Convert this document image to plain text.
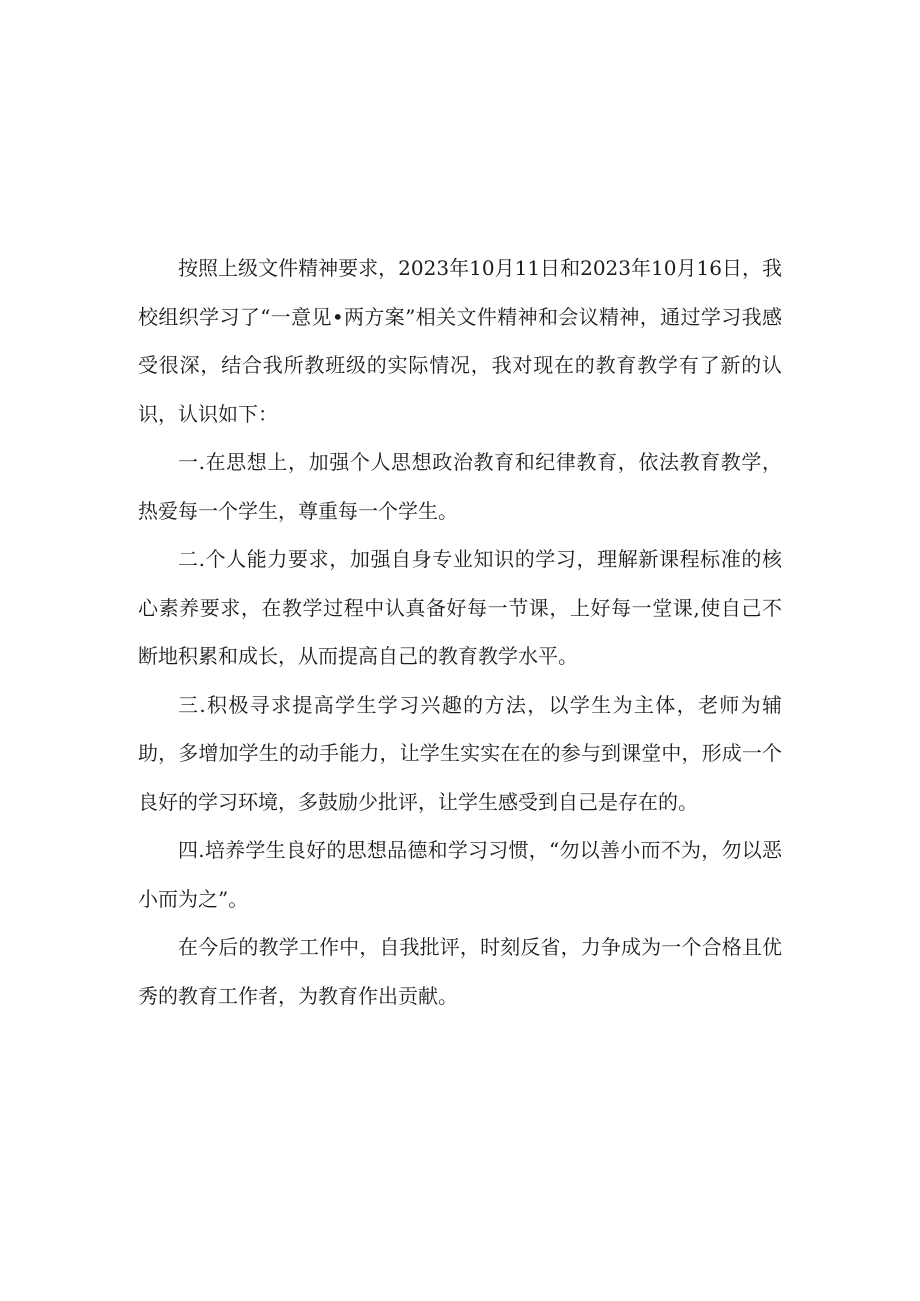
按照上级文件精神要求，2023年10月11日和2023年10月16日，我校组织学习了“一意见•两方案”相关文件精神和会议精神，通过学习我感受很深，结合我所教班级的实际情况，我对现在的教育教学有了新的认识，认识如下：

一.在思想上，加强个人思想政治教育和纪律教育，依法教育教学，热爱每一个学生，尊重每一个学生。

二.个人能力要求，加强自身专业知识的学习，理解新课程标准的核心素养要求，在教学过程中认真备好每一节课，上好每一堂课,使自己不断地积累和成长，从而提高自己的教育教学水平。

三.积极寻求提高学生学习兴趣的方法，以学生为主体，老师为辅助，多增加学生的动手能力，让学生实实在在的参与到课堂中，形成一个良好的学习环境，多鼓励少批评，让学生感受到自己是存在的。

四.培养学生良好的思想品德和学习习惯，“勿以善小而不为，勿以恶小而为之”。

在今后的教学工作中，自我批评，时刻反省，力争成为一个合格且优秀的教育工作者，为教育作出贡献。
